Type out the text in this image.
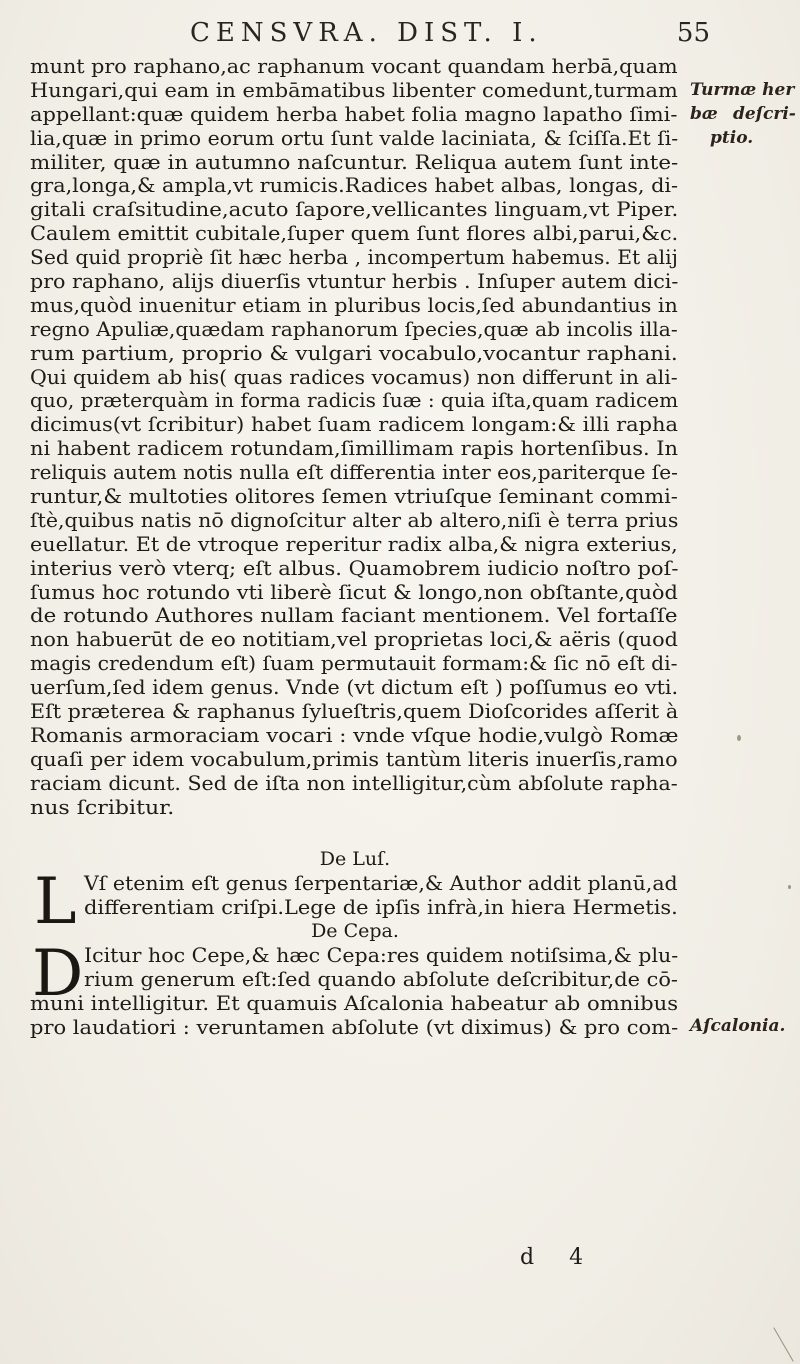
CENSVRA. DIST. I.	55
munt pro raphano,ac raphanum vocant quandam herbā,quam
Hungari,qui eam in embāmatibus libenter comedunt,turmam
appellant:quæ quidem herba habet folia magno lapatho ſimi-
lia,quæ in primo eorum ortu ſunt valde laciniata, & ſciſſa.Et ſi-
militer, quæ in autumno naſcuntur. Reliqua autem ſunt inte-
gra,longa,& ampla,vt rumicis.Radices habet albas, longas, di-
gitali craſsitudine,acuto ſapore,vellicantes linguam,vt Piper.
Caulem emittit cubitale,ſuper quem ſunt flores albi,parui,&c.
Sed quid propriè ſit hæc herba , incompertum habemus. Et alij
pro raphano, alijs diuerſis vtuntur herbis . Inſuper autem dici-
mus,quòd inuenitur etiam in pluribus locis,ſed abundantius in
regno Apuliæ,quædam raphanorum ſpecies,quæ ab incolis illa-
rum partium, proprio & vulgari vocabulo,vocantur raphani.
Qui quidem ab his( quas radices vocamus) non differunt in ali-
quo, præterquàm in forma radicis ſuæ : quia iſta,quam radicem
dicimus(vt ſcribitur) habet ſuam radicem longam:& illi rapha
ni habent radicem rotundam,ſimillimam rapis hortenſibus. In
reliquis autem notis nulla eſt differentia inter eos,pariterque ſe-
runtur,& multoties olitores ſemen vtriuſque ſeminant commi-
ſtè,quibus natis nō dignoſcitur alter ab altero,niſi è terra prius
euellatur. Et de vtroque reperitur radix alba,& nigra exterius,
interius verò vterq; eſt albus. Quamobrem iudicio noſtro poſ-
ſumus hoc rotundo vti liberè ſicut & longo,non obſtante,quòd
de rotundo Authores nullam faciant mentionem. Vel fortaſſe
non habuerūt de eo notitiam,vel proprietas loci,& aëris (quod
magis credendum eſt) ſuam permutauit formam:& ſic nō eſt di-
uerſum,ſed idem genus. Vnde (vt dictum eſt ) poſſumus eo vti.
Eſt præterea & raphanus ſylueſtris,quem Dioſcorides aſſerit à
Romanis armoraciam vocari : vnde vſque hodie,vulgò Romæ
quaſi per idem vocabulum,primis tantùm literis inuerſis,ramo
raciam dicunt. Sed de iſta non intelligitur,cùm abſolute rapha-
nus ſcribitur.
De Luſ.
L Vſ etenim eſt genus ſerpentariæ,& Author addit planū,ad
differentiam criſpi.Lege de ipſis infrà,in hiera Hermetis.
De Cepa.
D Icitur hoc Cepe,& hæc Cepa:res quidem notiſsima,& plu-
rium generum eſt:ſed quando abſolute deſcribitur,de cō-
muni intelligitur. Et quamuis Aſcalonia habeatur ab omnibus
pro laudatiori : veruntamen abſolute (vt diximus) & pro com-
d 4
Turmæ her
bæ deſcri-
ptio.
Aſcalonia.
